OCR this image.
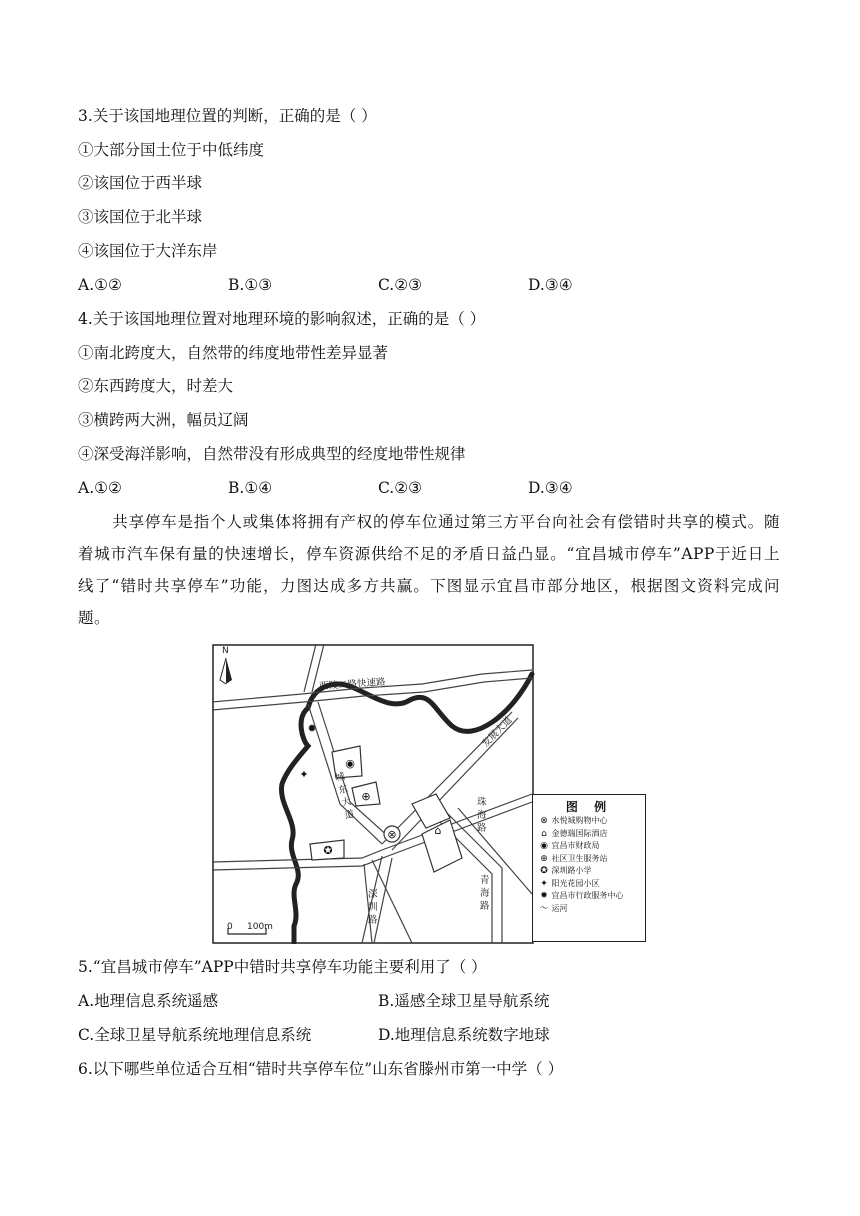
3.关于该国地理位置的判断，正确的是（ ）
①大部分国土位于中低纬度
②该国位于西半球
③该国位于北半球
④该国位于大洋东岸
A.①②	B.①③	C.②③	D.③④
4.关于该国地理位置对地理环境的影响叙述，正确的是（ ）
①南北跨度大，自然带的纬度地带性差异显著
②东西跨度大，时差大
③横跨两大洲，幅员辽阔
④深受海洋影响，自然带没有形成典型的经度地带性规律
A.①②	B.①④	C.②③	D.③④
共享停车是指个人或集体将拥有产权的停车位通过第三方平台向社会有偿错时共享的模式。随着城市汽车保有量的快速增长，停车资源供给不足的矛盾日益凸显。“宜昌城市停车”APP于近日上线了“错时共享停车”功能，力图达成多方共赢。下图显示宜昌市部分地区，根据图文资料完成问题。
✹
✦
◉
⊕
✪
⊗	⌂
N
西陵二路快速路
发展大道
城东大道
珠海路
青海路
深圳路
0 100m
图 例
⊗ 水悦城购物中心
⌂ 金德瑞国际酒店
◉ 宜昌市财政局
⊕ 社区卫生服务站
✪ 深圳路小学
✦ 阳光花园小区
✹ 宜昌市行政服务中心
〜 运河
5.“宜昌城市停车”APP中错时共享停车功能主要利用了（ ）
A.地理信息系统遥感	B.遥感全球卫星导航系统
C.全球卫星导航系统地理信息系统	D.地理信息系统数字地球
6.以下哪些单位适合互相“错时共享停车位”山东省滕州市第一中学（ ）
